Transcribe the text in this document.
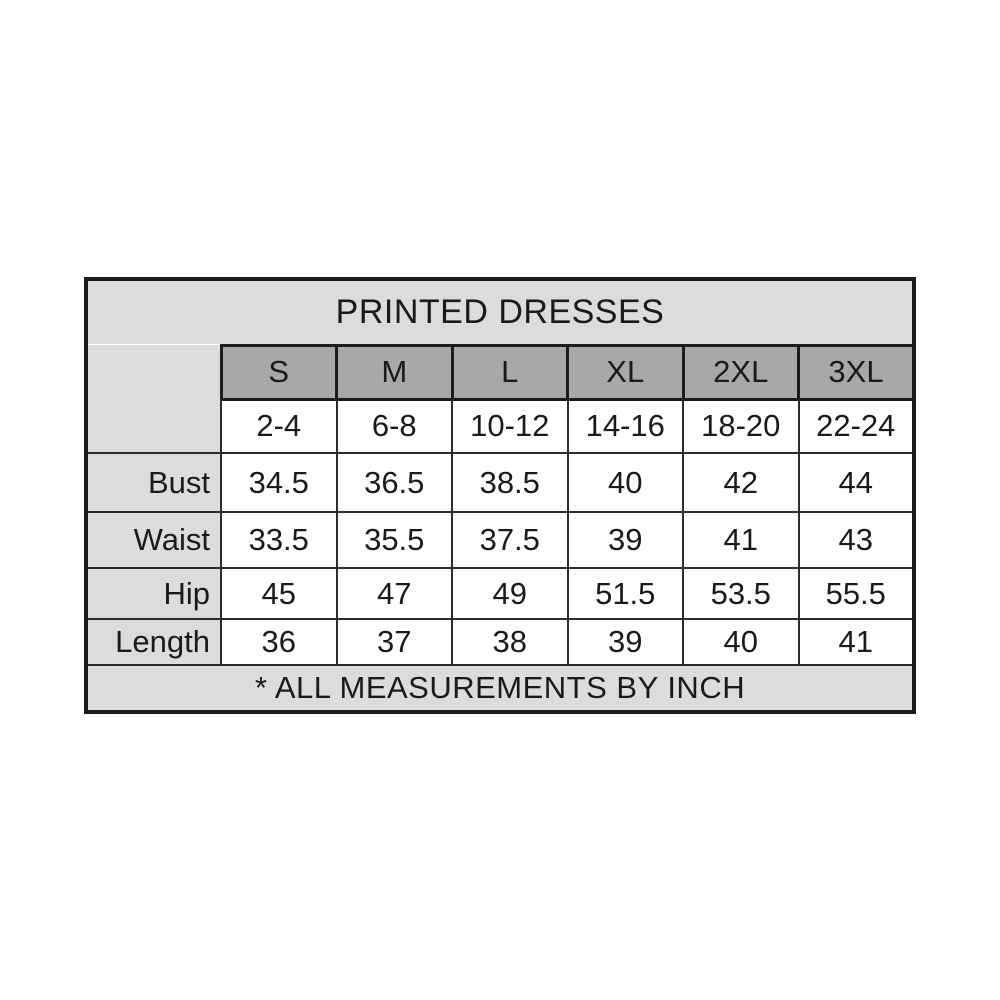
PRINTED DRESSES						
	S	M	L	XL	2XL	3XL
	2-4	6-8	10-12	14-16	18-20	22-24
Bust	34.5	36.5	38.5	40	42	44
Waist	33.5	35.5	37.5	39	41	43
Hip	45	47	49	51.5	53.5	55.5
Length	36	37	38	39	40	41
* ALL MEASUREMENTS BY INCH						
